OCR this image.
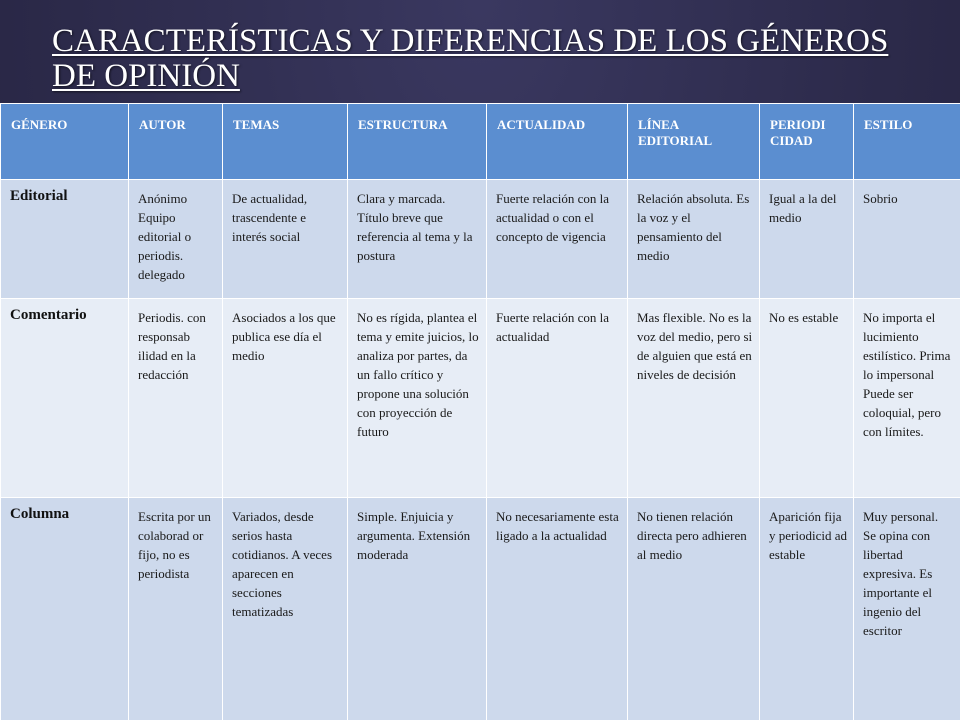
CARACTERÍSTICAS Y DIFERENCIAS DE LOS GÉNEROS DE OPINIÓN
GÉNERO	AUTOR	TEMAS	ESTRUCTURA	ACTUALIDAD	LÍNEA EDITORIAL	PERIODI CIDAD	ESTILO

Editorial	Anónimo Equipo editorial o periodis. delegado	De actualidad, trascendente e interés social	Clara y marcada. Título breve que referencia al tema y la postura	Fuerte relación con la actualidad o con el concepto de vigencia	Relación absoluta. Es la voz y el pensamiento del medio	Igual a la del medio	Sobrio

Comentario	Periodis. con responsab ilidad en la redacción	Asociados a los que publica ese día el medio	No es rígida, plantea el tema y emite juicios, lo analiza por partes, da un fallo crítico y propone una solución con proyección de futuro	Fuerte relación con la actualidad	Mas flexible. No es la voz del medio, pero si de alguien que está en niveles de decisión	No es estable	No importa el lucimiento estilístico. Prima lo impersonal Puede ser coloquial, pero con límites.

Columna	Escrita por un colaborad or fijo, no es periodista	Variados, desde serios hasta cotidianos. A veces aparecen en secciones tematizadas	Simple. Enjuicia y argumenta. Extensión moderada	No necesariamente esta ligado a la actualidad	No tienen relación directa pero adhieren al medio	Aparición fija y periodicid ad estable	Muy personal. Se opina con libertad expresiva. Es importante el ingenio del escritor
